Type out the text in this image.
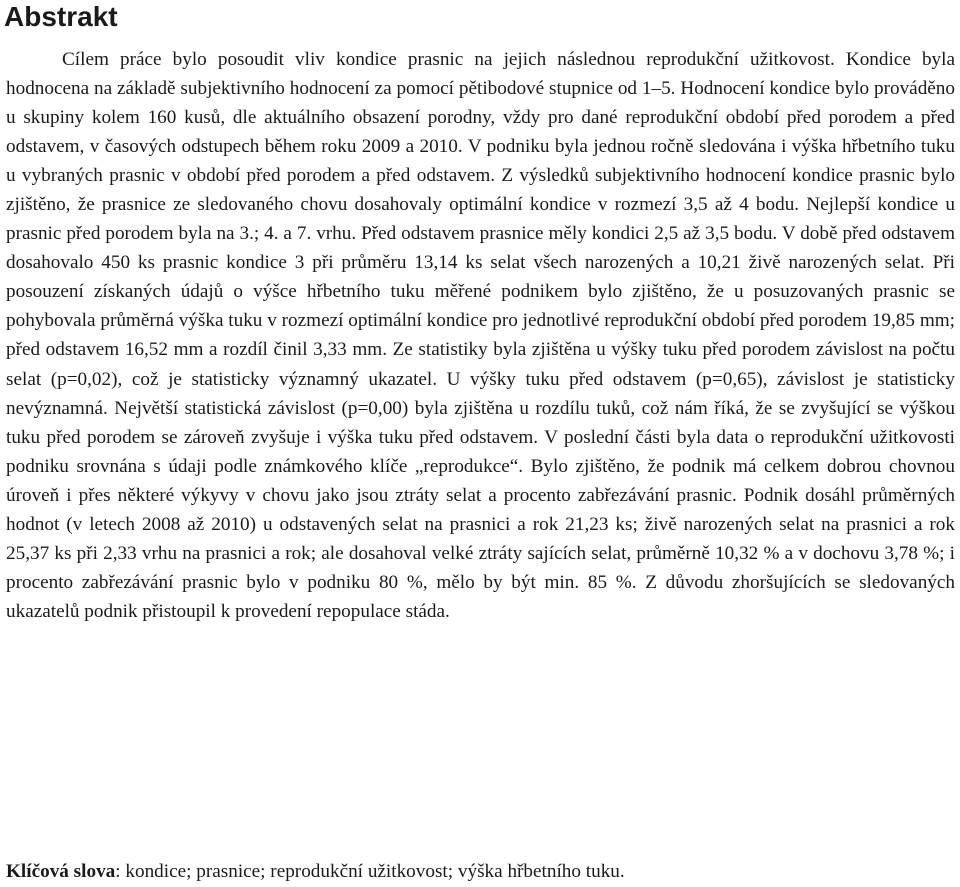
Abstrakt

Cílem práce bylo posoudit vliv kondice prasnic na jejich následnou reprodukční užitkovost. Kondice byla hodnocena na základě subjektivního hodnocení za pomocí pětibodové stupnice od 1–5. Hodnocení kondice bylo prováděno u skupiny kolem 160 kusů, dle aktuálního obsazení porodny, vždy pro dané reprodukční období před porodem a před odstavem, v časových odstupech během roku 2009 a 2010. V podniku byla jednou ročně sledována i výška hřbetního tuku u vybraných prasnic v období před porodem a před odstavem. Z výsledků subjektivního hodnocení kondice prasnic bylo zjištěno, že prasnice ze sledovaného chovu dosahovaly optimální kondice v rozmezí 3,5 až 4 bodu. Nejlepší kondice u prasnic před porodem byla na 3.; 4. a 7. vrhu. Před odstavem prasnice měly kondici 2,5 až 3,5 bodu. V době před odstavem dosahovalo 450 ks prasnic kondice 3 při průměru 13,14 ks selat všech narozených a 10,21 živě narozených selat. Při posouzení získaných údajů o výšce hřbetního tuku měřené podnikem bylo zjištěno, že u posuzovaných prasnic se pohybovala průměrná výška tuku v rozmezí optimální kondice pro jednotlivé reprodukční období před porodem 19,85 mm; před odstavem 16,52 mm a rozdíl činil 3,33 mm. Ze statistiky byla zjištěna u výšky tuku před porodem závislost na počtu selat (p=0,02), což je statisticky významný ukazatel. U výšky tuku před odstavem (p=0,65), závislost je statisticky nevýznamná. Největší statistická závislost (p=0,00) byla zjištěna u rozdílu tuků, což nám říká, že se zvyšující se výškou tuku před porodem se zároveň zvyšuje i výška tuku před odstavem. V poslední části byla data o reprodukční užitkovosti podniku srovnána s údaji podle známkového klíče „reprodukce“. Bylo zjištěno, že podnik má celkem dobrou chovnou úroveň i přes některé výkyvy v chovu jako jsou ztráty selat a procento zabřezávání prasnic. Podnik dosáhl průměrných hodnot (v letech 2008 až 2010) u odstavených selat na prasnici a rok 21,23 ks; živě narozených selat na prasnici a rok 25,37 ks při 2,33 vrhu na prasnici a rok; ale dosahoval velké ztráty sajících selat, průměrně 10,32 % a v dochovu 3,78 %; i procento zabřezávání prasnic bylo v podniku 80 %, mělo by být min. 85 %. Z důvodu zhoršujících se sledovaných ukazatelů podnik přistoupil k provedení repopulace stáda.

Klíčová slova: kondice; prasnice; reprodukční užitkovost; výška hřbetního tuku.
